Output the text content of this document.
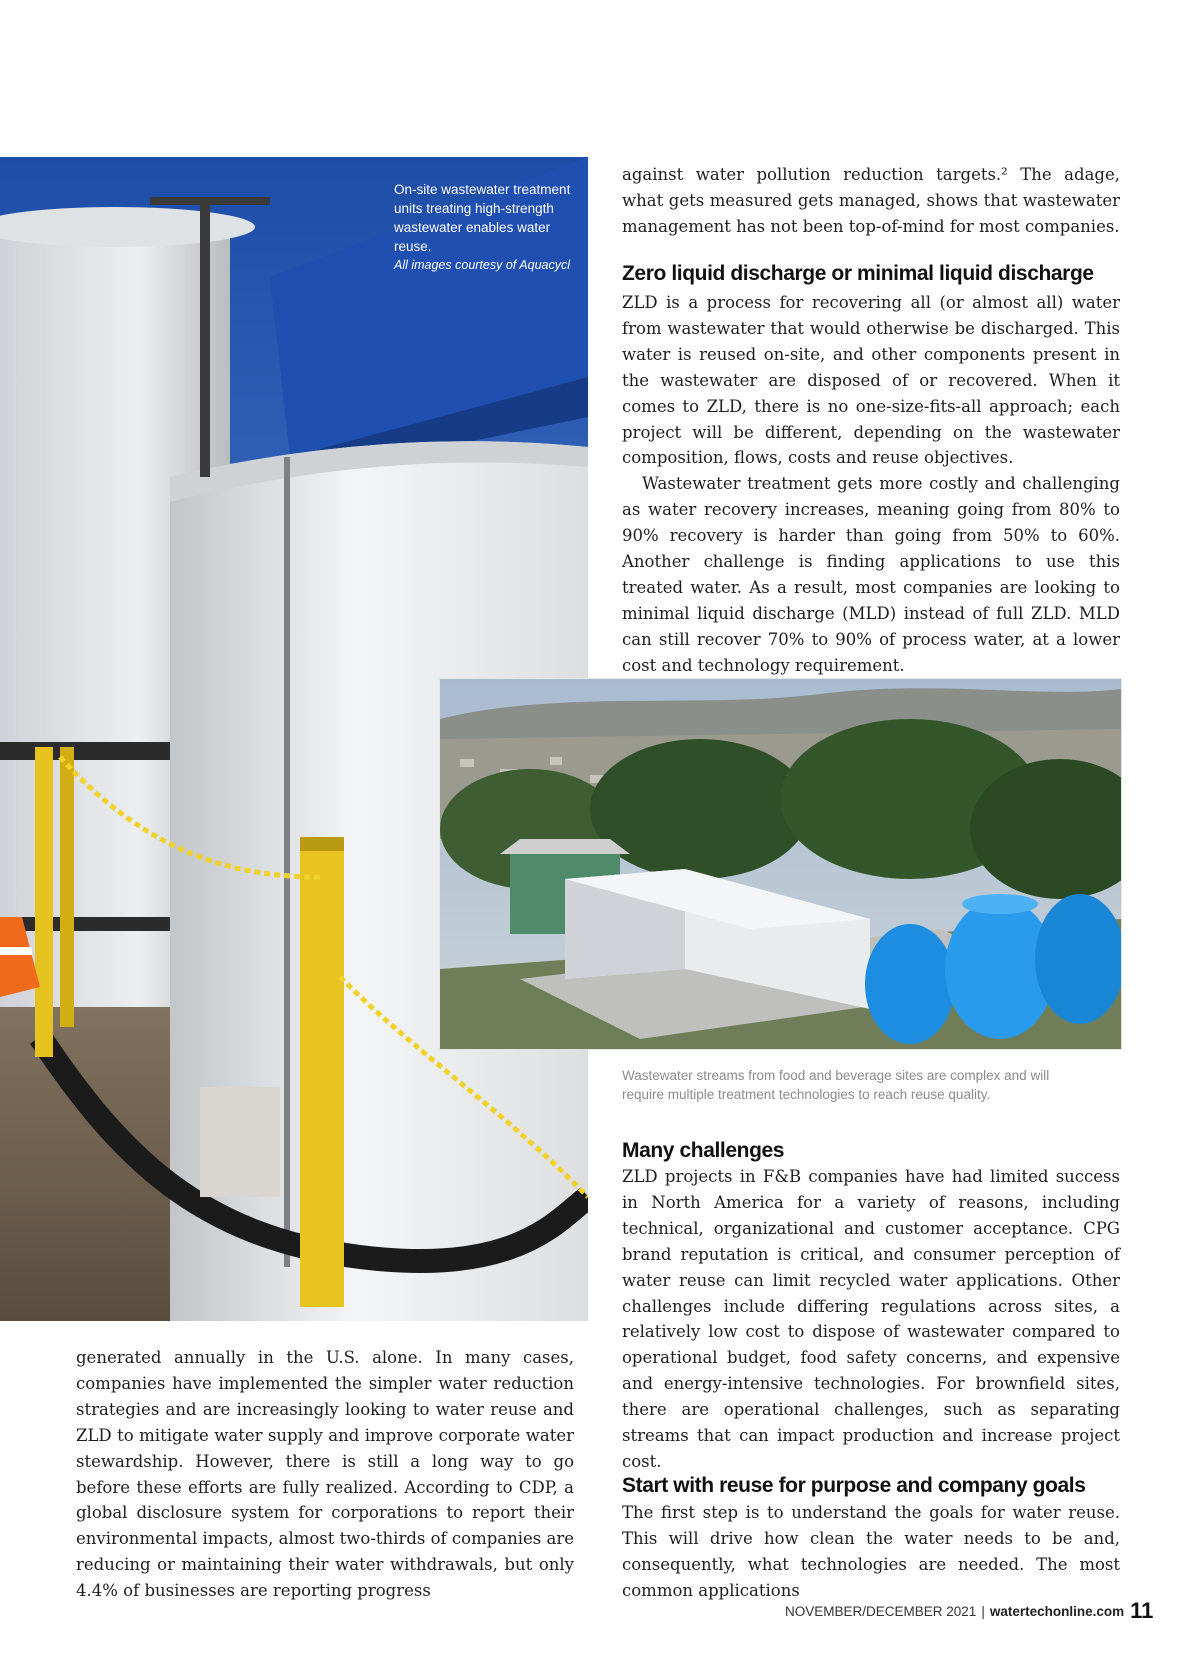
On-site wastewater treatment units treating high-strength wastewater enables water reuse.
All images courtesy of Aquacycl
Wastewater streams from food and beverage sites are complex and will require multiple treatment technologies to reach reuse quality.

against water pollution reduction targets.² The adage, what gets measured gets managed, shows that wastewater management has not been top-of-mind for most companies.

Zero liquid discharge or minimal liquid discharge

ZLD is a process for recovering all (or almost all) water from wastewater that would otherwise be discharged. This water is reused on-site, and other components present in the wastewater are disposed of or recovered. When it comes to ZLD, there is no one-size-fits-all approach; each project will be different, depending on the wastewater composition, flows, costs and reuse objectives.

Wastewater treatment gets more costly and challenging as water recovery increases, meaning going from 80% to 90% recovery is harder than going from 50% to 60%. Another challenge is finding applications to use this treated water. As a result, most companies are looking to minimal liquid discharge (MLD) instead of full ZLD. MLD can still recover 70% to 90% of process water, at a lower cost and technology requirement.

Many challenges

ZLD projects in F&B companies have had limited success in North America for a variety of reasons, including technical, organizational and customer acceptance. CPG brand reputation is critical, and consumer perception of water reuse can limit recycled water applications. Other challenges include differing regulations across sites, a relatively low cost to dispose of wastewater compared to operational budget, food safety concerns, and expensive and energy-intensive technologies. For brownfield sites, there are operational challenges, such as separating streams that can impact production and increase project cost.

Start with reuse for purpose and company goals

The first step is to understand the goals for water reuse. This will drive how clean the water needs to be and, consequently, what technologies are needed. The most common applications

generated annually in the U.S. alone. In many cases, companies have implemented the simpler water reduction strategies and are increasingly looking to water reuse and ZLD to mitigate water supply and improve corporate water stewardship. However, there is still a long way to go before these efforts are fully realized. According to CDP, a global disclosure system for corporations to report their environmental impacts, almost two-thirds of companies are reducing or maintaining their water withdrawals, but only 4.4% of businesses are reporting progress

NOVEMBER/DECEMBER 2021 | watertechonline.com 11
